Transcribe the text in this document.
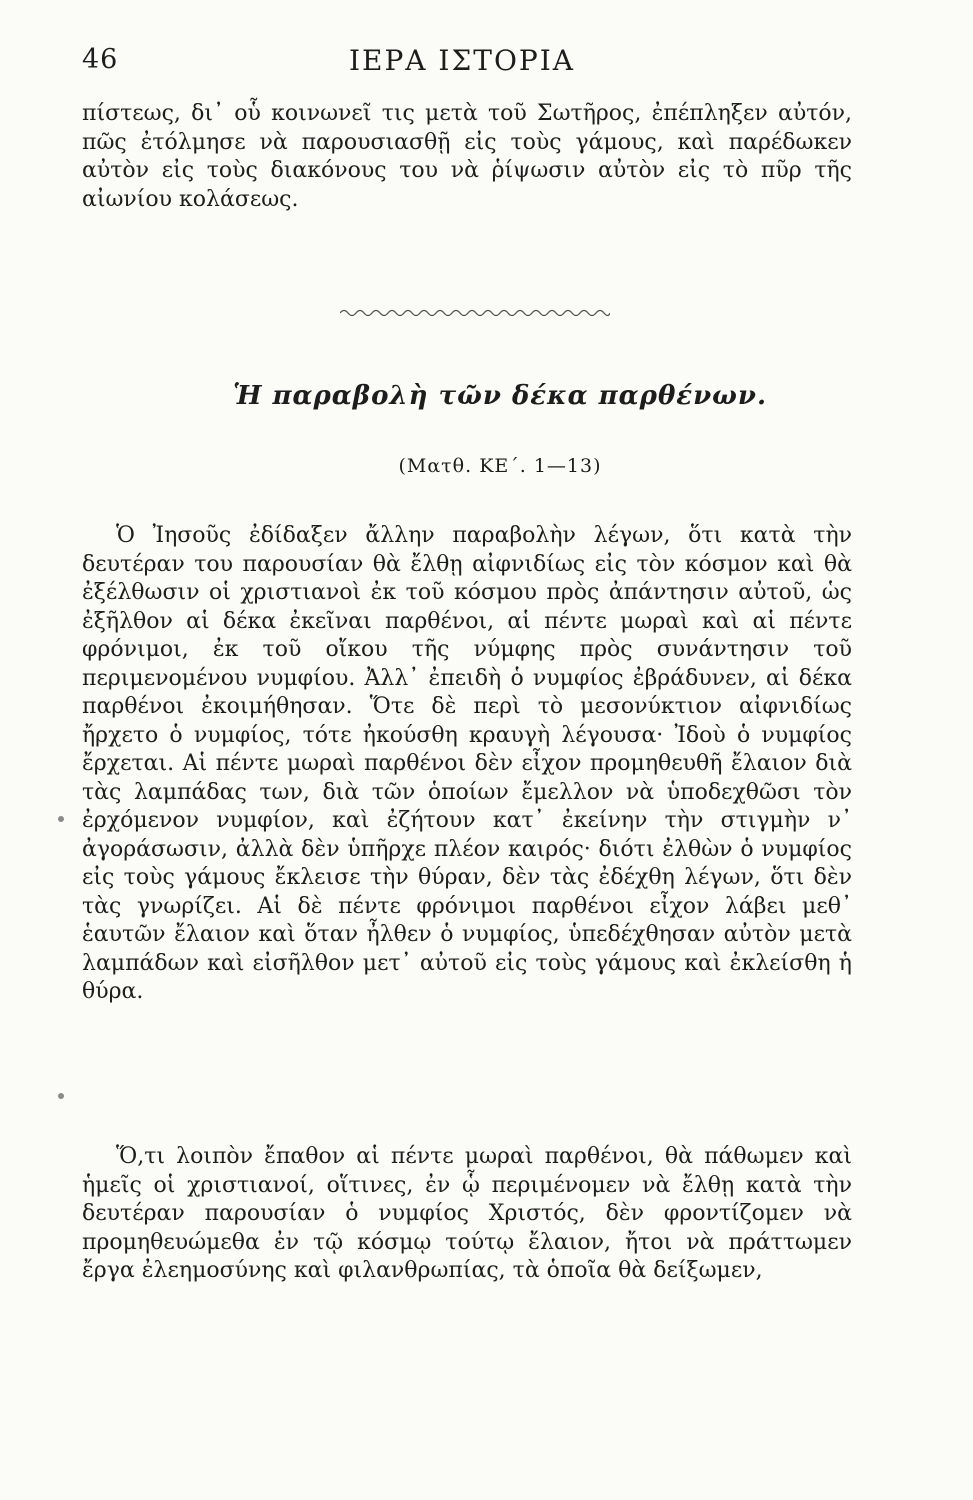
46	ΙΕΡΑ ΙΣΤΟΡΙΑ

πίστεως, δι᾽ οὗ κοινωνεῖ τις μετὰ τοῦ Σωτῆρος, ἐπέπληξεν αὐτόν, πῶς ἐτόλμησε νὰ παρουσιασθῇ εἰς τοὺς γάμους, καὶ παρέδωκεν αὐτὸν εἰς τοὺς διακόνους του νὰ ῥίψωσιν αὐτὸν εἰς τὸ πῦρ τῆς αἰωνίου κολάσεως.

Ἡ παραβολὴ τῶν δέκα παρθένων.
(Ματθ. ΚΕ΄. 1—13)

Ὁ Ἰησοῦς ἐδίδαξεν ἄλλην παραβολὴν λέγων, ὅτι κατὰ τὴν δευτέραν του παρουσίαν θὰ ἔλθῃ αἰφνιδίως εἰς τὸν κόσμον καὶ θὰ ἐξέλθωσιν οἱ χριστιανοὶ ἐκ τοῦ κόσμου πρὸς ἀπάντησιν αὐτοῦ, ὡς ἐξῆλθον αἱ δέκα ἐκεῖναι παρθένοι, αἱ πέντε μωραὶ καὶ αἱ πέντε φρόνιμοι, ἐκ τοῦ οἴκου τῆς νύμφης πρὸς συνάντησιν τοῦ περιμενομένου νυμφίου. Ἀλλ᾽ ἐπειδὴ ὁ νυμφίος ἐβράδυνεν, αἱ δέκα παρθένοι ἐκοιμήθησαν. Ὅτε δὲ περὶ τὸ μεσονύκτιον αἰφνιδίως ἤρχετο ὁ νυμφίος, τότε ἠκούσθη κραυγὴ λέγουσα· Ἰδοὺ ὁ νυμφίος ἔρχεται. Αἱ πέντε μωραὶ παρθένοι δὲν εἶχον προμηθευθῆ ἔλαιον διὰ τὰς λαμπάδας των, διὰ τῶν ὁποίων ἔμελλον νὰ ὑποδεχθῶσι τὸν ἐρχόμενον νυμφίον, καὶ ἐζήτουν κατ᾽ ἐκείνην τὴν στιγμὴν ν᾽ ἀγοράσωσιν, ἀλλὰ δὲν ὑπῆρχε πλέον καιρός· διότι ἐλθὼν ὁ νυμφίος εἰς τοὺς γάμους ἔκλεισε τὴν θύραν, δὲν τὰς ἐδέχθη λέγων, ὅτι δὲν τὰς γνωρίζει. Αἱ δὲ πέντε φρόνιμοι παρθένοι εἶχον λάβει μεθ᾽ ἑαυτῶν ἔλαιον καὶ ὅταν ἦλθεν ὁ νυμφίος, ὑπεδέχθησαν αὐτὸν μετὰ λαμπάδων καὶ εἰσῆλθον μετ᾽ αὐτοῦ εἰς τοὺς γάμους καὶ ἐκλείσθη ἡ θύρα.

Ὅ,τι λοιπὸν ἔπαθον αἱ πέντε μωραὶ παρθένοι, θὰ πάθωμεν καὶ ἡμεῖς οἱ χριστιανοί, οἵτινες, ἐν ᾧ περιμένομεν νὰ ἔλθῃ κατὰ τὴν δευτέραν παρουσίαν ὁ νυμφίος Χριστός, δὲν φροντίζομεν νὰ προμηθευώμεθα ἐν τῷ κόσμῳ τούτῳ ἔλαιον, ἤτοι νὰ πράττωμεν ἔργα ἐλεημοσύνης καὶ φιλανθρωπίας, τὰ ὁποῖα θὰ δείξωμεν,
